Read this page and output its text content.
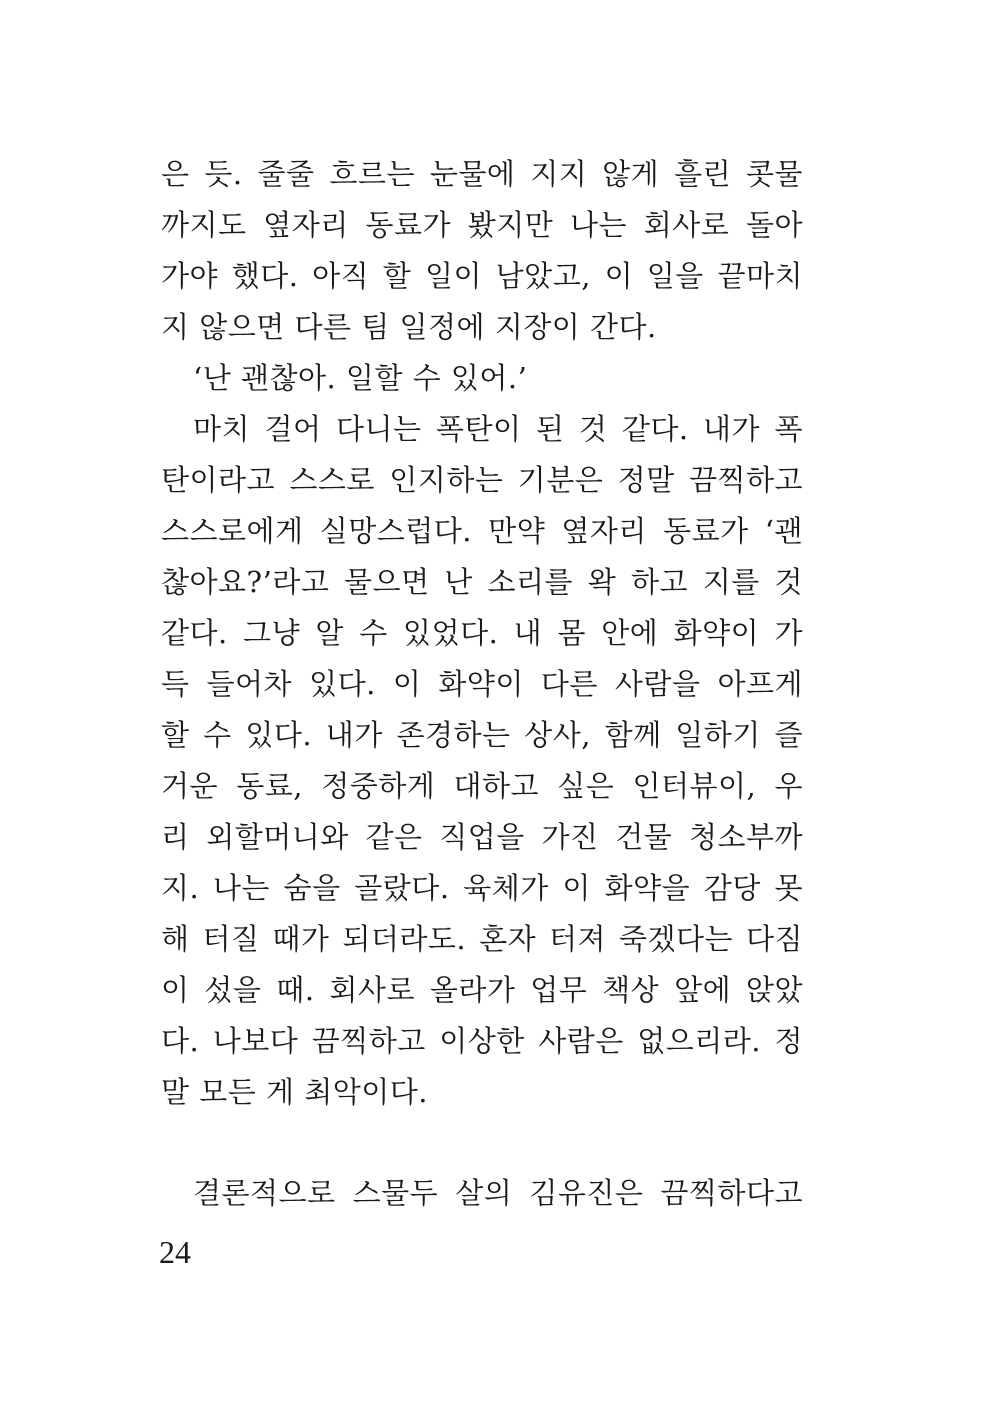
은 듯. 줄줄 흐르는 눈물에 지지 않게 흘린 콧물
까지도 옆자리 동료가 봤지만 나는 회사로 돌아
가야 했다. 아직 할 일이 남았고, 이 일을 끝마치
지 않으면 다른 팀 일정에 지장이 간다.
‘난 괜찮아. 일할 수 있어.’
마치 걸어 다니는 폭탄이 된 것 같다. 내가 폭
탄이라고 스스로 인지하는 기분은 정말 끔찍하고
스스로에게 실망스럽다. 만약 옆자리 동료가 ‘괜
찮아요?’라고 물으면 난 소리를 왁 하고 지를 것
같다. 그냥 알 수 있었다. 내 몸 안에 화약이 가
득 들어차 있다. 이 화약이 다른 사람을 아프게
할 수 있다. 내가 존경하는 상사, 함께 일하기 즐
거운 동료, 정중하게 대하고 싶은 인터뷰이, 우
리 외할머니와 같은 직업을 가진 건물 청소부까
지. 나는 숨을 골랐다. 육체가 이 화약을 감당 못
해 터질 때가 되더라도. 혼자 터져 죽겠다는 다짐
이 섰을 때. 회사로 올라가 업무 책상 앞에 앉았
다. 나보다 끔찍하고 이상한 사람은 없으리라. 정
말 모든 게 최악이다.
결론적으로 스물두 살의 김유진은 끔찍하다고
24
